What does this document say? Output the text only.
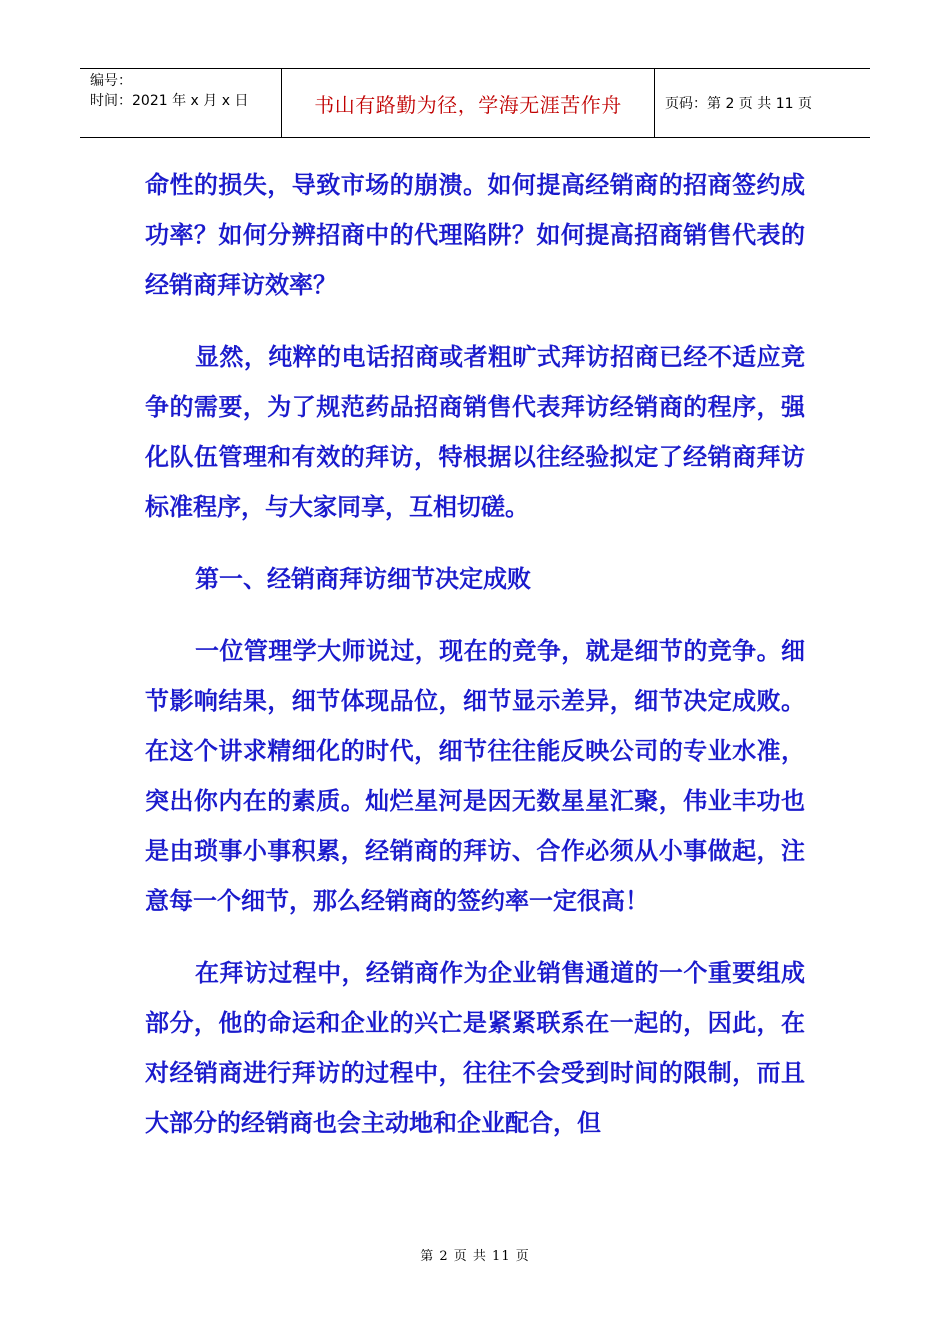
编号：
时间：2021 年 x 月 x 日	书山有路勤为径，学海无涯苦作舟	页码：第 2 页 共 11 页

命性的损失，导致市场的崩溃。如何提高经销商的招商签约成功率？如何分辨招商中的代理陷阱？如何提高招商销售代表的经销商拜访效率？

显然，纯粹的电话招商或者粗旷式拜访招商已经不适应竞争的需要，为了规范药品招商销售代表拜访经销商的程序，强化队伍管理和有效的拜访，特根据以往经验拟定了经销商拜访标准程序，与大家同享，互相切磋。

第一、经销商拜访细节决定成败

一位管理学大师说过，现在的竞争，就是细节的竞争。细节影响结果，细节体现品位，细节显示差异，细节决定成败。在这个讲求精细化的时代，细节往往能反映公司的专业水准，突出你内在的素质。灿烂星河是因无数星星汇聚，伟业丰功也是由琐事小事积累，经销商的拜访、合作必须从小事做起，注意每一个细节，那么经销商的签约率一定很高！

在拜访过程中，经销商作为企业销售通道的一个重要组成部分，他的命运和企业的兴亡是紧紧联系在一起的，因此，在对经销商进行拜访的过程中，往往不会受到时间的限制，而且大部分的经销商也会主动地和企业配合，但

第 2 页 共 11 页
